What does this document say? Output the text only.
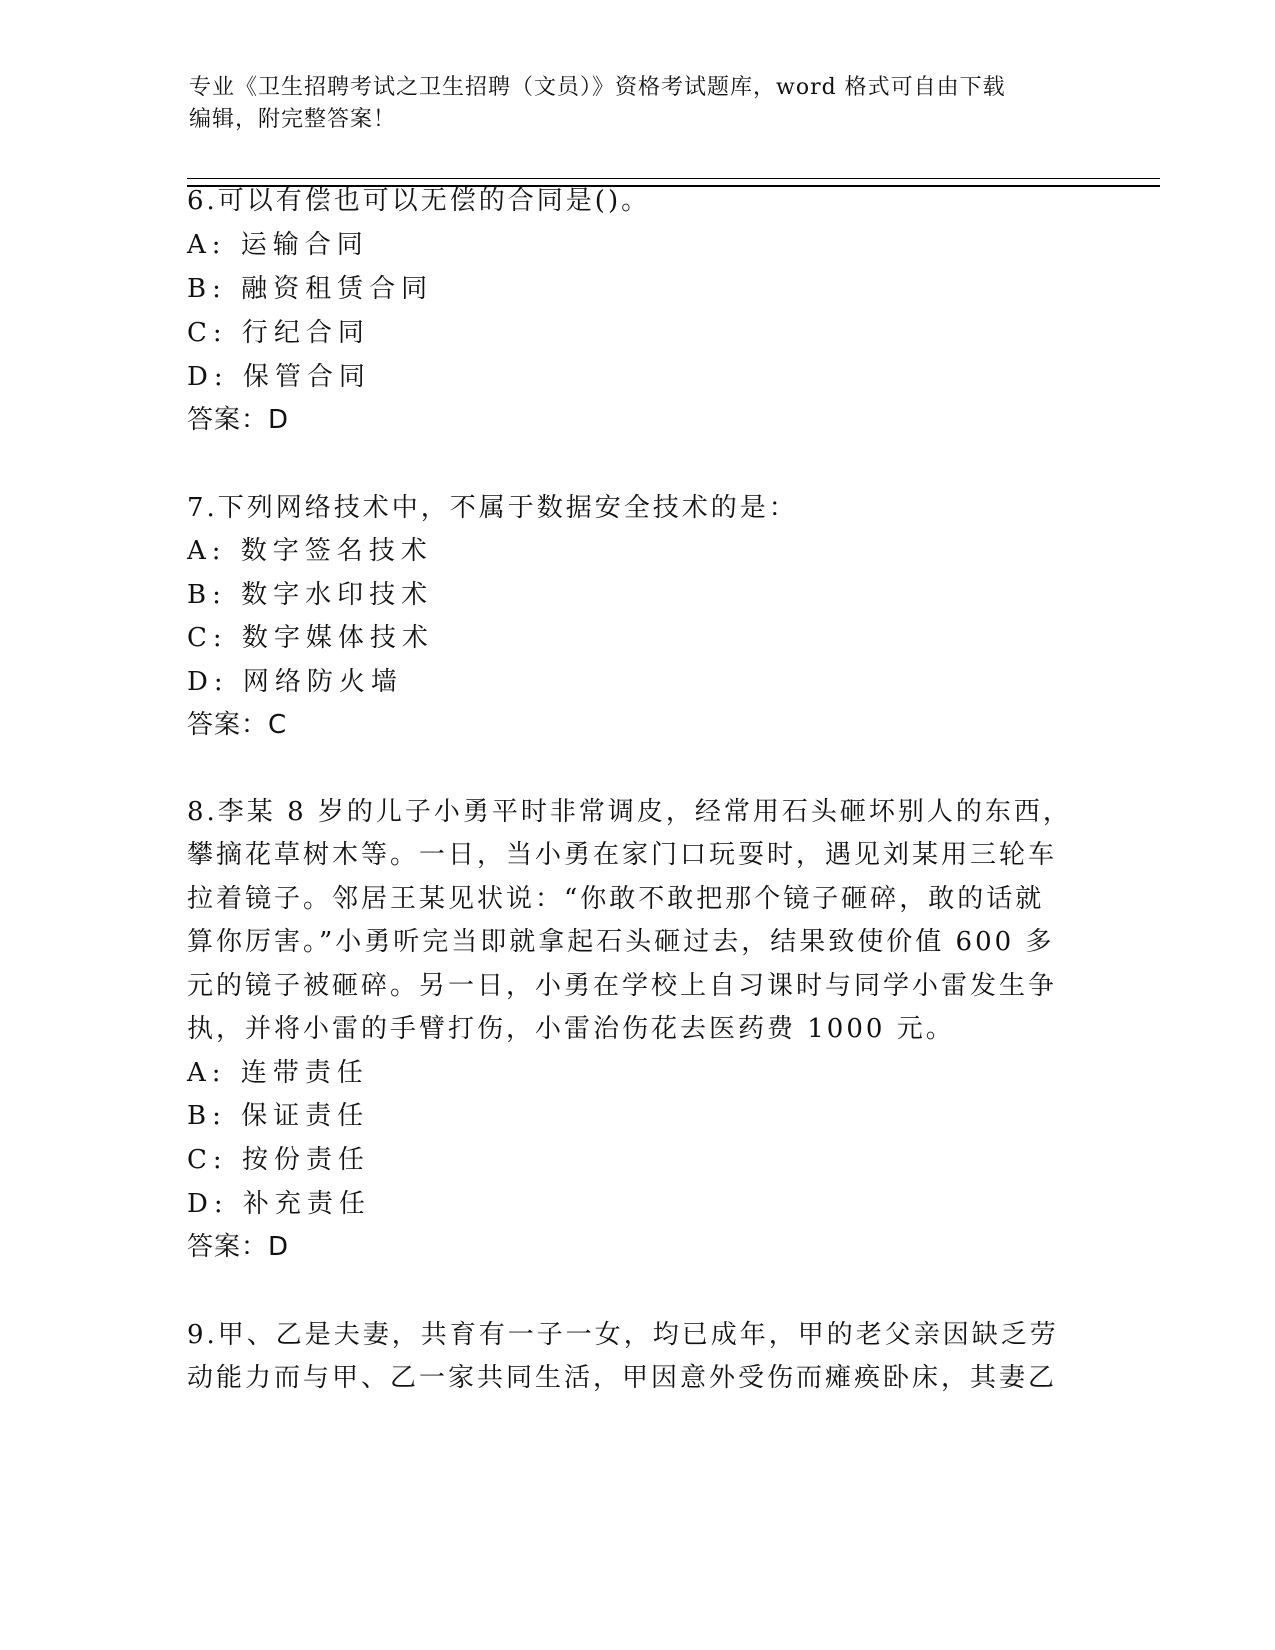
专业《卫生招聘考试之卫生招聘（文员）》资格考试题库，word 格式可自由下载
编辑，附完整答案！
6.可以有偿也可以无偿的合同是()。
A: 运输合同
B: 融资租赁合同
C: 行纪合同
D: 保管合同
答案：D
7.下列网络技术中，不属于数据安全技术的是：
A: 数字签名技术
B: 数字水印技术
C: 数字媒体技术
D: 网络防火墙
答案：C
8.李某 8 岁的儿子小勇平时非常调皮，经常用石头砸坏别人的东西，
攀摘花草树木等。一日，当小勇在家门口玩耍时，遇见刘某用三轮车
拉着镜子。邻居王某见状说：“你敢不敢把那个镜子砸碎，敢的话就
算你厉害。”小勇听完当即就拿起石头砸过去，结果致使价值 600 多
元的镜子被砸碎。另一日，小勇在学校上自习课时与同学小雷发生争
执，并将小雷的手臂打伤，小雷治伤花去医药费 1000 元。
A: 连带责任
B: 保证责任
C: 按份责任
D: 补充责任
答案：D
9.甲、乙是夫妻，共育有一子一女，均已成年，甲的老父亲因缺乏劳
动能力而与甲、乙一家共同生活，甲因意外受伤而瘫痪卧床，其妻乙
